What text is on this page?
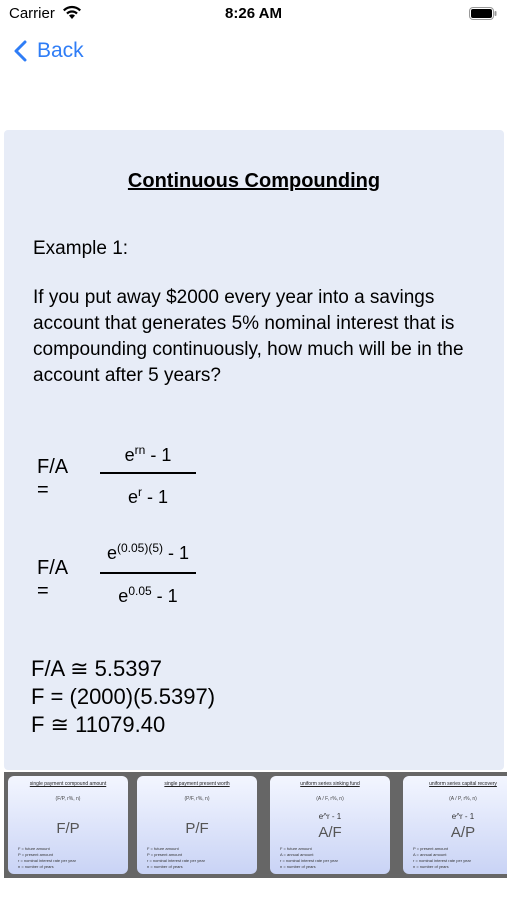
Carrier	8:26 AM
Back
Continuous Compounding
Example 1:
If you put away $2000 every year into a savings account that generates 5% nominal interest that is compounding continuously, how much will be in the account after 5 years?
F/A =
$e^{rn} - 1$
$e^r - 1$
F/A =
$e^{(0.05)(5)} - 1$
$e^{0.05} - 1$
F/A ≅ 5.5397
F = (2000)(5.5397)
F ≅ 11079.40
single payment compound amount
(F/P, r%, n)
F/P
F = future amount
P = present amount
r = nominal interest rate per year
n = number of years
single payment present worth
(P/F, r%, n)
P/F
F = future amount
P = present amount
r = nominal interest rate per year
n = number of years
uniform series sinking fund
(A / F, r%, n)
e^r - 1
A/F
F = future amount
A = annual amount
r = nominal interest rate per year
n = number of years
uniform series capital recovery
(A / P, r%, n)
e^r - 1
A/P
P = present amount
A = annual amount
r = nominal interest rate per year
n = number of years
